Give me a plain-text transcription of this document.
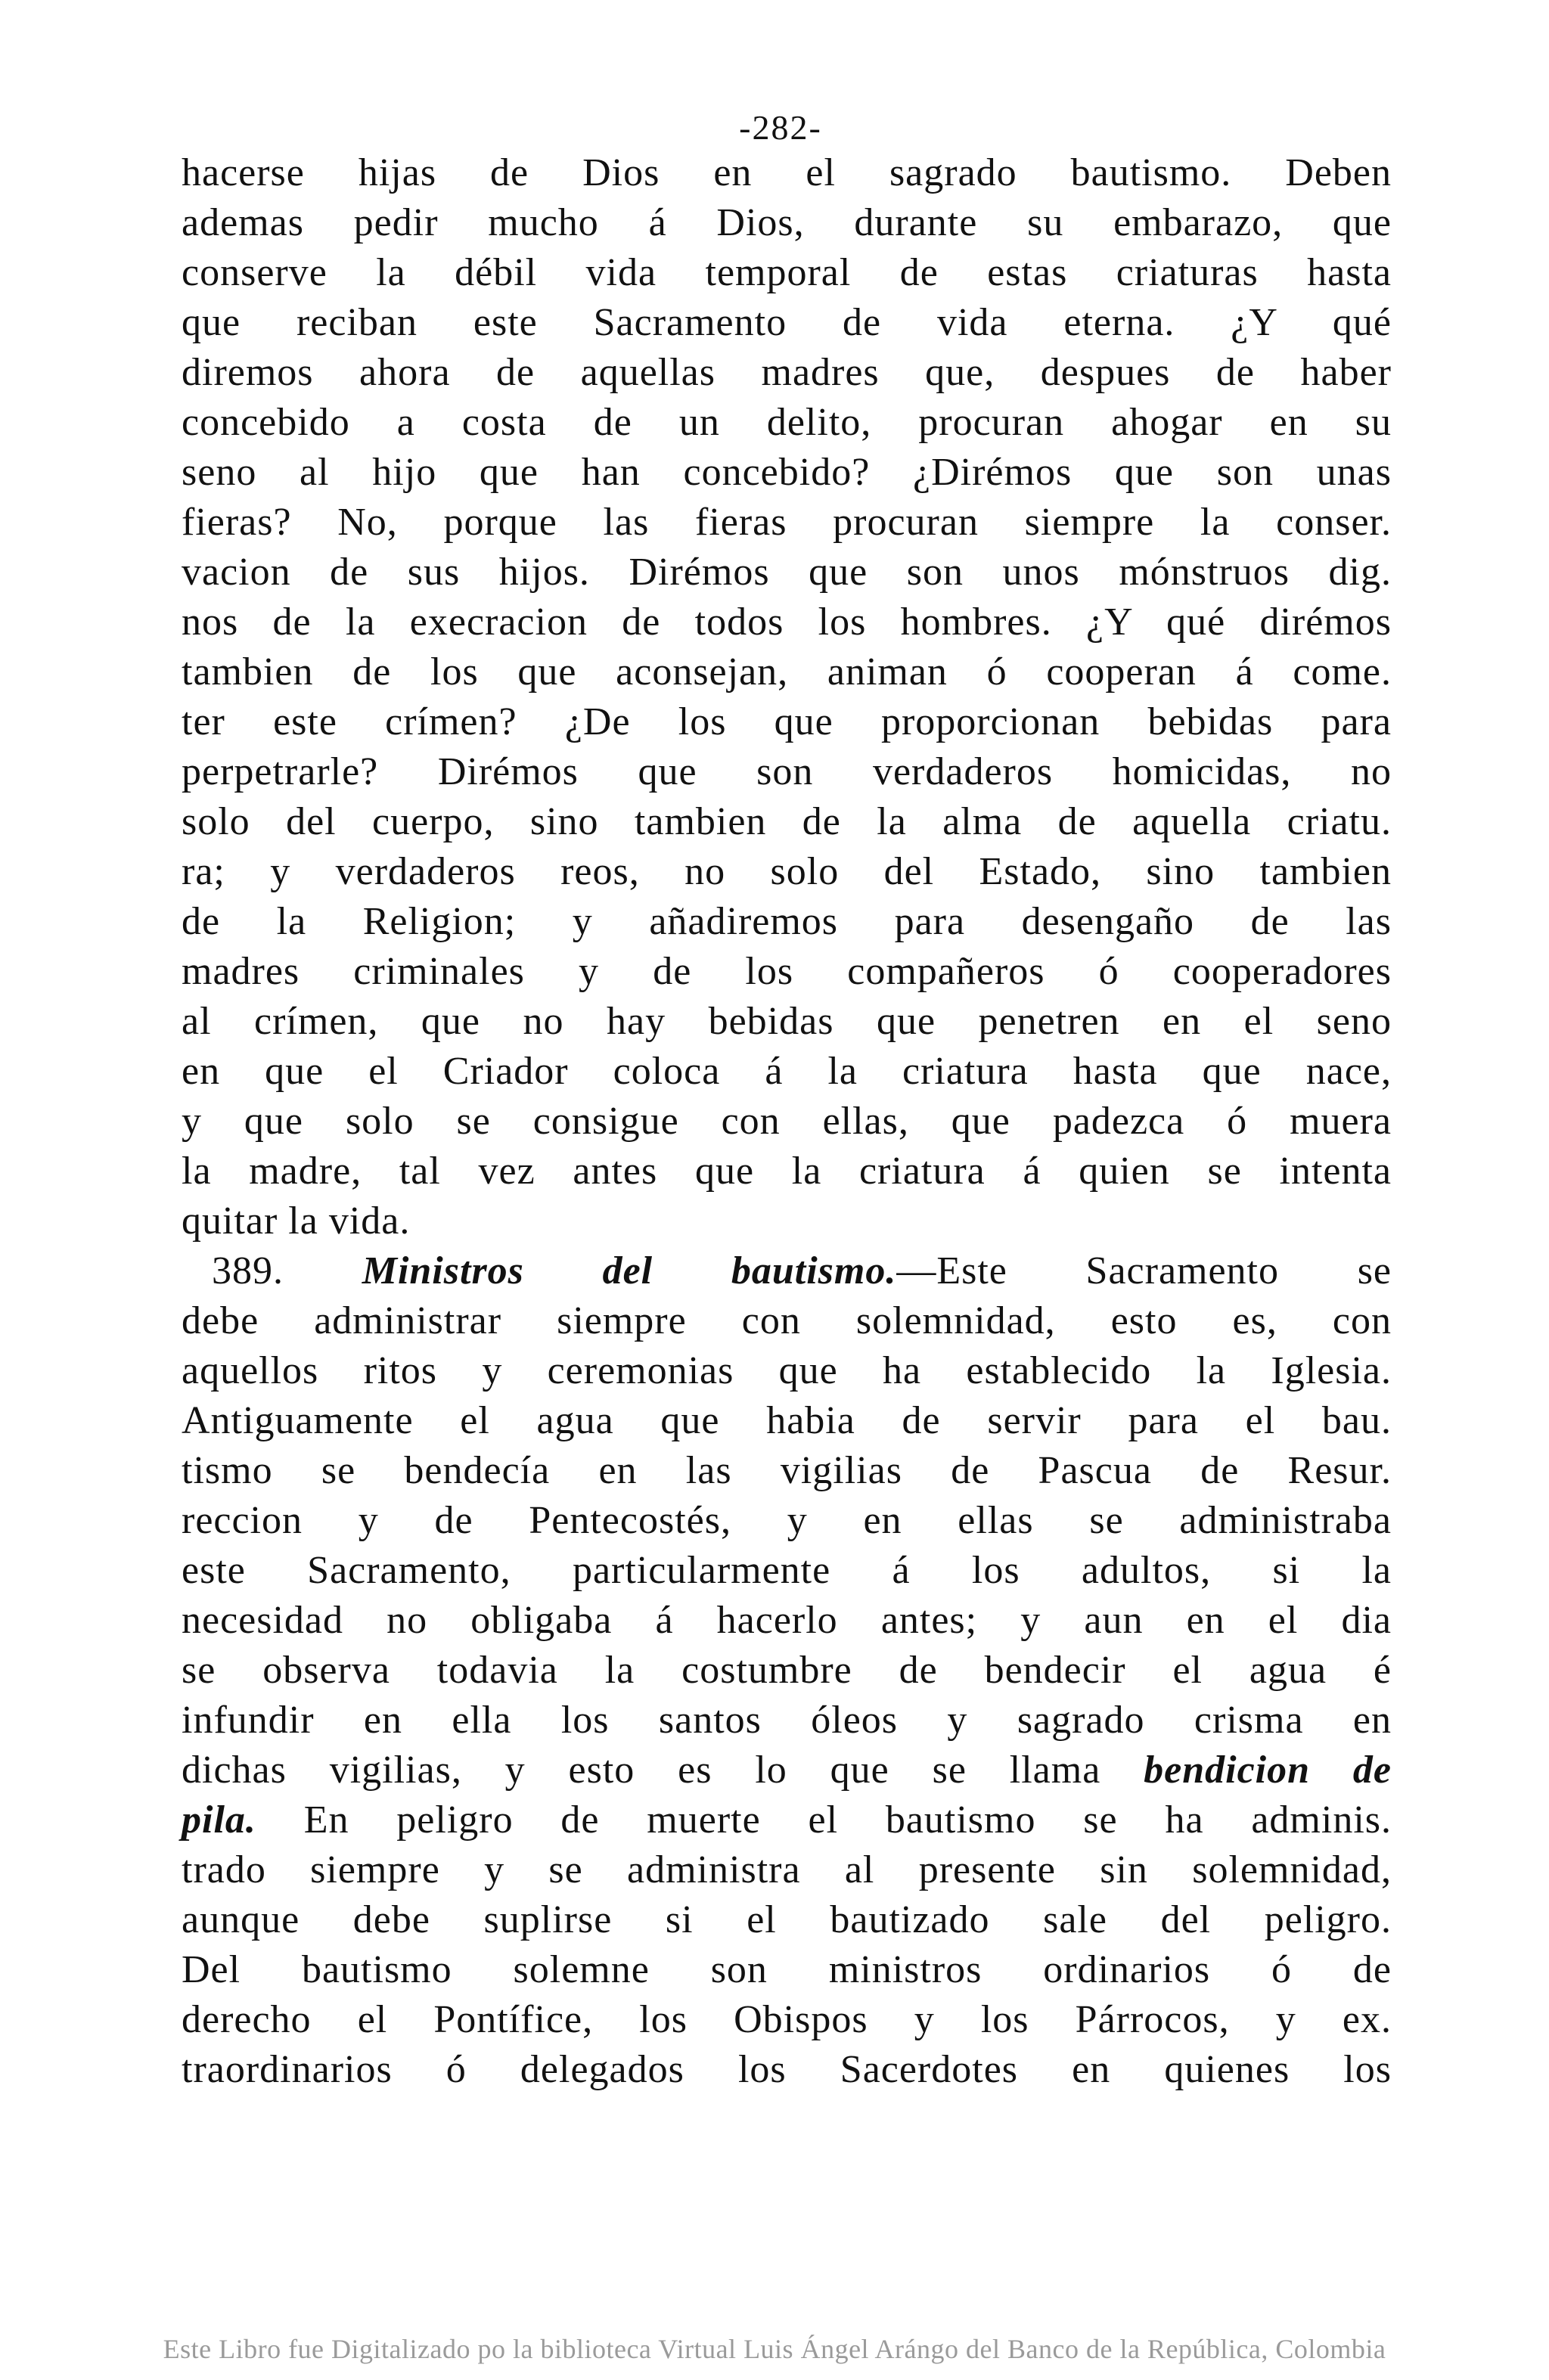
-282-
hacerse hijas de Dios en el sagrado bautismo. Deben
ademas pedir mucho á Dios, durante su embarazo, que
conserve la débil vida temporal de estas criaturas hasta
que reciban este Sacramento de vida eterna. ¿Y qué
diremos ahora de aquellas madres que, despues de haber
concebido a costa de un delito, procuran ahogar en su
seno al hijo que han concebido? ¿Dirémos que son unas
fieras? No, porque las fieras procuran siempre la conser.
vacion de sus hijos. Dirémos que son unos mónstruos dig.
nos de la execracion de todos los hombres. ¿Y qué dirémos
tambien de los que aconsejan, animan ó cooperan á come.
ter este crímen? ¿De los que proporcionan bebidas para
perpetrarle? Dirémos que son verdaderos homicidas, no
solo del cuerpo, sino tambien de la alma de aquella criatu.
ra; y verdaderos reos, no solo del Estado, sino tambien
de la Religion; y añadiremos para desengaño de las
madres criminales y de los compañeros ó cooperadores
al crímen, que no hay bebidas que penetren en el seno
en que el Criador coloca á la criatura hasta que nace,
y que solo se consigue con ellas, que padezca ó muera
la madre, tal vez antes que la criatura á quien se intenta
quitar la vida.
389. Ministros del bautismo.—Este Sacramento se
debe administrar siempre con solemnidad, esto es, con
aquellos ritos y ceremonias que ha establecido la Iglesia.
Antiguamente el agua que habia de servir para el bau.
tismo se bendecía en las vigilias de Pascua de Resur.
reccion y de Pentecostés, y en ellas se administraba
este Sacramento, particularmente á los adultos, si la
necesidad no obligaba á hacerlo antes; y aun en el dia
se observa todavia la costumbre de bendecir el agua é
infundir en ella los santos óleos y sagrado crisma en
dichas vigilias, y esto es lo que se llama bendicion de
pila. En peligro de muerte el bautismo se ha adminis.
trado siempre y se administra al presente sin solemnidad,
aunque debe suplirse si el bautizado sale del peligro.
Del bautismo solemne son ministros ordinarios ó de
derecho el Pontífice, los Obispos y los Párrocos, y ex.
traordinarios ó delegados los Sacerdotes en quienes los
Este Libro fue Digitalizado po la biblioteca Virtual Luis Ángel Arángo del Banco de la República, Colombia
